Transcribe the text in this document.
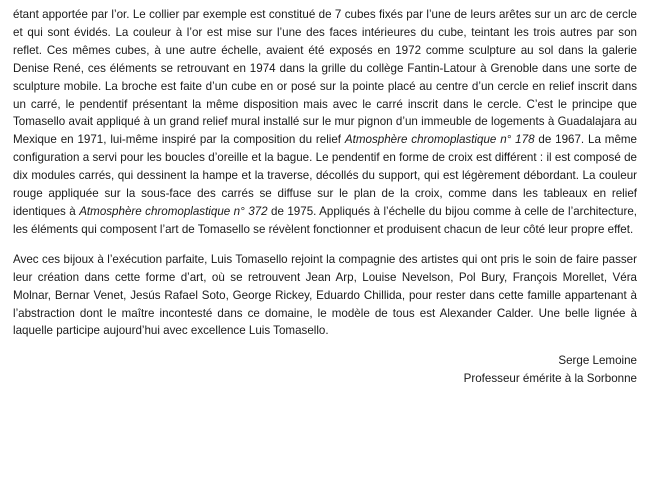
étant apportée par l’or. Le collier par exemple est constitué de 7 cubes fixés par l’une de leurs arêtes sur un arc de cercle et qui sont évidés. La couleur à l’or est mise sur l’une des faces intérieures du cube, teintant les trois autres par son reflet. Ces mêmes cubes, à une autre échelle, avaient été exposés en 1972 comme sculpture au sol dans la galerie Denise René, ces éléments se retrouvant en 1974 dans la grille du collège Fantin-Latour à Grenoble dans une sorte de sculpture mobile. La broche est faite d’un cube en or posé sur la pointe placé au centre d’un cercle en relief inscrit dans un carré, le pendentif présentant la même disposition mais avec le carré inscrit dans le cercle. C’est le principe que Tomasello avait appliqué à un grand relief mural installé sur le mur pignon d’un immeuble de logements à Guadalajara au Mexique en 1971, lui-même inspiré par la composition du relief Atmosphère chromoplastique n° 178 de 1967. La même configuration a servi pour les boucles d’oreille et la bague. Le pendentif en forme de croix est différent : il est composé de dix modules carrés, qui dessinent la hampe et la traverse, décollés du support, qui est légèrement débordant. La couleur rouge appliquée sur la sous-face des carrés se diffuse sur le plan de la croix, comme dans les tableaux en relief identiques à Atmosphère chromoplastique n° 372 de 1975. Appliqués à l’échelle du bijou comme à celle de l’architecture, les éléments qui composent l’art de Tomasello se révèlent fonctionner et produisent chacun de leur côté leur propre effet.

Avec ces bijoux à l’exécution parfaite, Luis Tomasello rejoint la compagnie des artistes qui ont pris le soin de faire passer leur création dans cette forme d’art, où se retrouvent Jean Arp, Louise Nevelson, Pol Bury, François Morellet, Véra Molnar, Bernar Venet, Jesús Rafael Soto, George Rickey, Eduardo Chillida, pour rester dans cette famille appartenant à l’abstraction dont le maître incontesté dans ce domaine, le modèle de tous est Alexander Calder. Une belle lignée à laquelle participe aujourd’hui avec excellence Luis Tomasello.

Serge Lemoine
Professeur émérite à la Sorbonne
